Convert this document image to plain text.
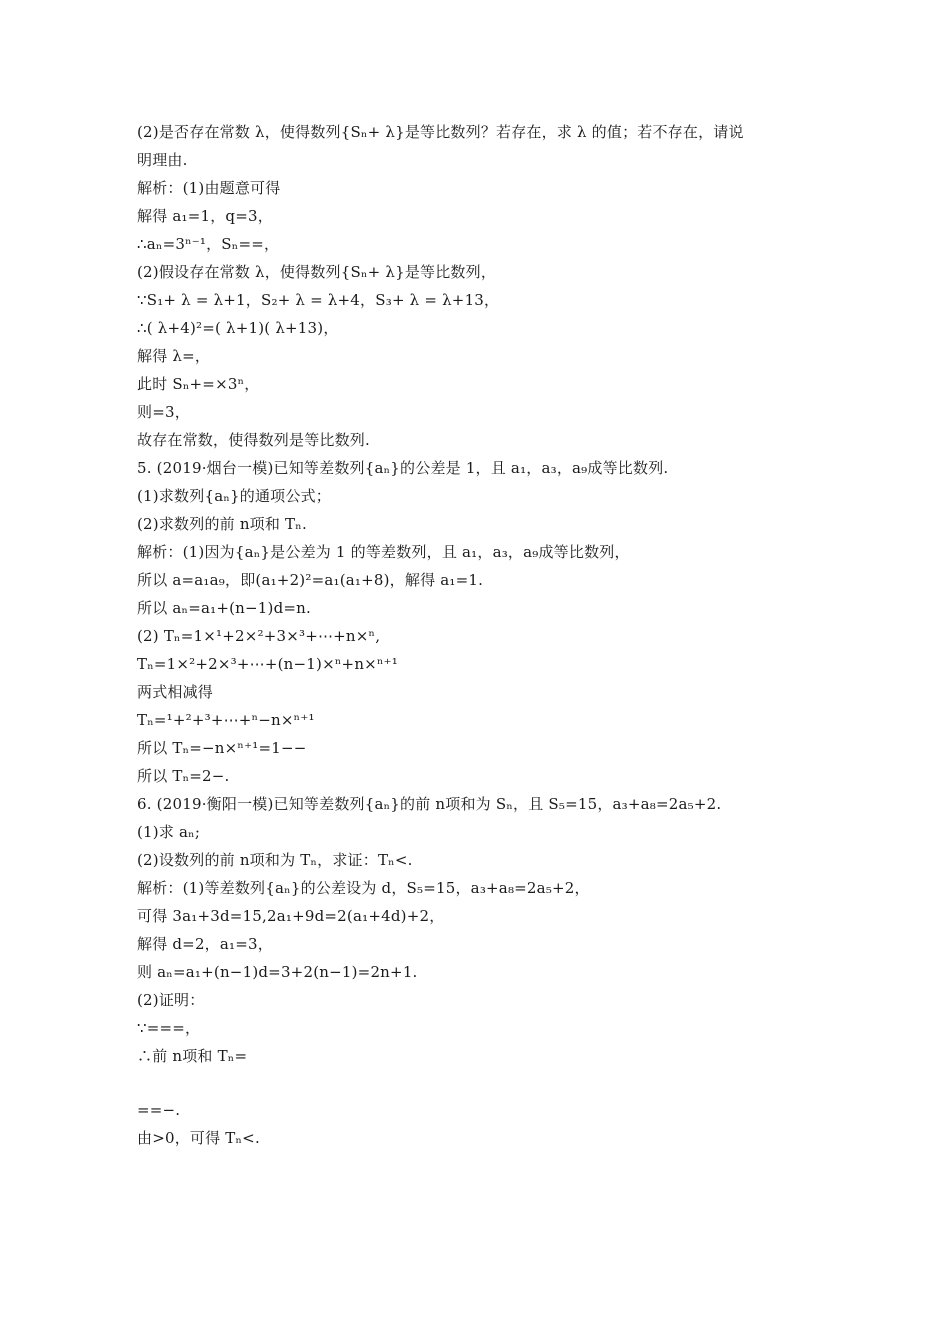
(2)是否存在常数 λ，使得数列{Sₙ+ λ}是等比数列？若存在，求 λ 的值；若不存在，请说
明理由.
解析：(1)由题意可得
解得 a₁=1，q=3，
∴aₙ=3ⁿ⁻¹，Sₙ==，
(2)假设存在常数 λ，使得数列{Sₙ+ λ}是等比数列，
∵S₁+ λ = λ+1，S₂+ λ = λ+4，S₃+ λ = λ+13，
∴( λ+4)²=( λ+1)( λ+13)，
解得 λ=，
此时 Sₙ+=×3ⁿ，
则=3，
故存在常数，使得数列是等比数列.
5. (2019·烟台一模)已知等差数列{aₙ}的公差是 1，且 a₁，a₃，a₉成等比数列.
(1)求数列{aₙ}的通项公式；
(2)求数列的前 n项和 Tₙ.
解析：(1)因为{aₙ}是公差为 1 的等差数列，且 a₁，a₃，a₉成等比数列，
所以 a=a₁a₉，即(a₁+2)²=a₁(a₁+8)，解得 a₁=1.
所以 aₙ=a₁+(n−1)d=n.
(2) Tₙ=1×¹+2×²+3×³+⋯+n×ⁿ,
Tₙ=1×²+2×³+⋯+(n−1)×ⁿ+n×ⁿ⁺¹
两式相减得
Tₙ=¹+²+³+⋯+ⁿ−n×ⁿ⁺¹
所以 Tₙ=−n×ⁿ⁺¹=1−−
所以 Tₙ=2−.
6. (2019·衡阳一模)已知等差数列{aₙ}的前 n项和为 Sₙ，且 S₅=15，a₃+a₈=2a₅+2.
(1)求 aₙ;
(2)设数列的前 n项和为 Tₙ，求证：Tₙ<.
解析：(1)等差数列{aₙ}的公差设为 d，S₅=15，a₃+a₈=2a₅+2，
可得 3a₁+3d=15,2a₁+9d=2(a₁+4d)+2，
解得 d=2，a₁=3，
则 aₙ=a₁+(n−1)d=3+2(n−1)=2n+1.
(2)证明：
∵===，
∴前 n项和 Tₙ=
==−.
由>0，可得 Tₙ<.
